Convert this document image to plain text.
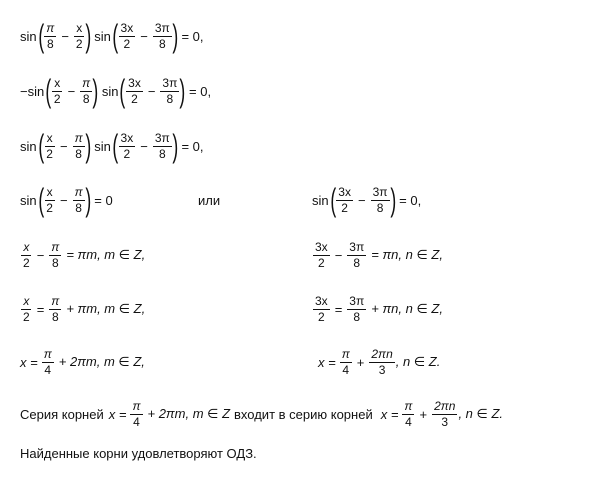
sin ( $\frac{\pi}{8} - \frac{x}{2}$ ) sin ( $\frac{3x}{2} - \frac{3\pi}{8}$ ) = 0,
−sin ( $\frac{x}{2} - \frac{\pi}{8}$ ) sin ( $\frac{3x}{2} - \frac{3\pi}{8}$ ) = 0,
sin ( $\frac{x}{2} - \frac{\pi}{8}$ ) sin ( $\frac{3x}{2} - \frac{3\pi}{8}$ ) = 0,
sin ( $\frac{x}{2} - \frac{\pi}{8}$ ) = 0	или	sin ( $\frac{3x}{2} - \frac{3\pi}{8}$ ) = 0,
$\frac{x}{2} - \frac{\pi}{8} = \pi m$, m ∈ Z,	$\frac{3x}{2} - \frac{3\pi}{8} = \pi n$, n ∈ Z,
$\frac{x}{2} = \frac{\pi}{8} + \pi m$, m ∈ Z,	$\frac{3x}{2} = \frac{3\pi}{8} + \pi n$, n ∈ Z,
$x = \frac{\pi}{4} + 2\pi m$, m ∈ Z,	$x = \frac{\pi}{4} + \frac{2\pi n}{3}$ , n ∈ Z.
Серия корней $x = \frac{\pi}{4} + 2\pi m$, m ∈ Z входит в серию корней $x = \frac{\pi}{4} + \frac{2\pi n}{3}$ , n ∈ Z.
Найденные корни удовлетворяют ОДЗ.
